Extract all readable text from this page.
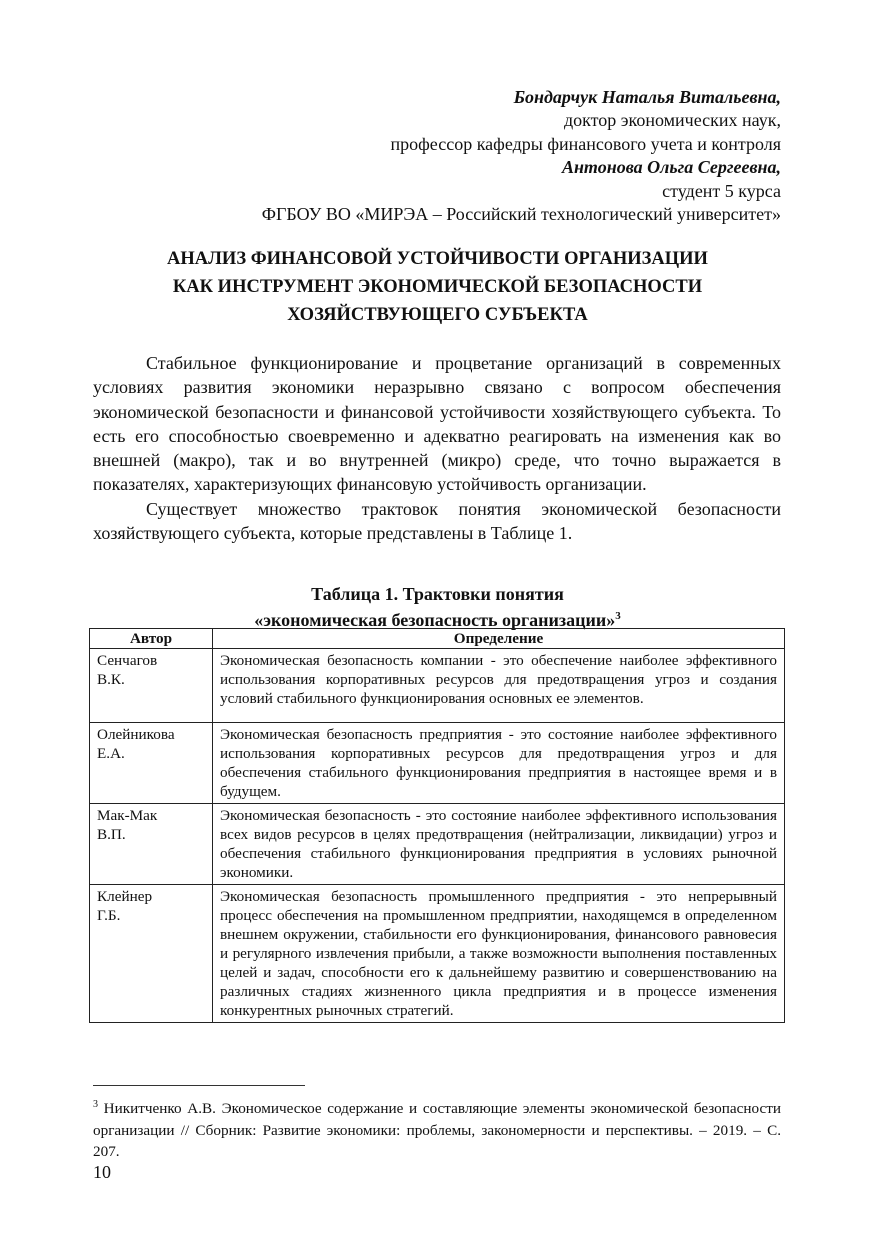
Бондарчук Наталья Витальевна,
доктор экономических наук,
профессор кафедры финансового учета и контроля
Антонова Ольга Сергеевна,
студент 5 курса
ФГБОУ ВО «МИРЭА – Российский технологический университет»
АНАЛИЗ ФИНАНСОВОЙ УСТОЙЧИВОСТИ ОРГАНИЗАЦИИ
КАК ИНСТРУМЕНТ ЭКОНОМИЧЕСКОЙ БЕЗОПАСНОСТИ
ХОЗЯЙСТВУЮЩЕГО СУБЪЕКТА

Стабильное функционирование и процветание организаций в современных условиях развития экономики неразрывно связано с вопросом обеспечения экономической безопасности и финансовой устойчивости хозяйствующего субъекта. То есть его способностью своевременно и адекватно реагировать на изменения как во внешней (макро), так и во внутренней (микро) среде, что точно выражается в показателях, характеризующих финансовую устойчивость организации.

Существует множество трактовок понятия экономической безопасности хозяйствующего субъекта, которые представлены в Таблице 1.

Таблица 1. Трактовки понятия
«экономическая безопасность организации»$^3$
Автор	Определение

Сенчагов
В.К.	Экономическая безопасность компании - это обеспечение наиболее эффективного использования корпоративных ресурсов для предотвращения угроз и создания условий стабильного функционирования основных ее элементов.

Олейникова
Е.А.	Экономическая безопасность предприятия - это состояние наиболее эффективного использования корпоративных ресурсов для предотвращения угроз и для обеспечения стабильного функционирования предприятия в настоящее время и в будущем.

Мак-Мак
В.П.	Экономическая безопасность - это состояние наиболее эффективного использования всех видов ресурсов в целях предотвращения (нейтрализации, ликвидации) угроз и обеспечения стабильного функционирования предприятия в условиях рыночной экономики.

Клейнер
Г.Б.	Экономическая безопасность промышленного предприятия - это непрерывный процесс обеспечения на промышленном предприятии, находящемся в определенном внешнем окружении, стабильности его функционирования, финансового равновесия и регулярного извлечения прибыли, а также возможности выполнения поставленных целей и задач, способности его к дальнейшему развитию и совершенствованию на различных стадиях жизненного цикла предприятия и в процессе изменения конкурентных рыночных стратегий.
$^3$ Никитченко А.В. Экономическое содержание и составляющие элементы экономической безопасности организации // Сборник: Развитие экономики: проблемы, закономерности и перспективы. – 2019. – С. 207.
10
